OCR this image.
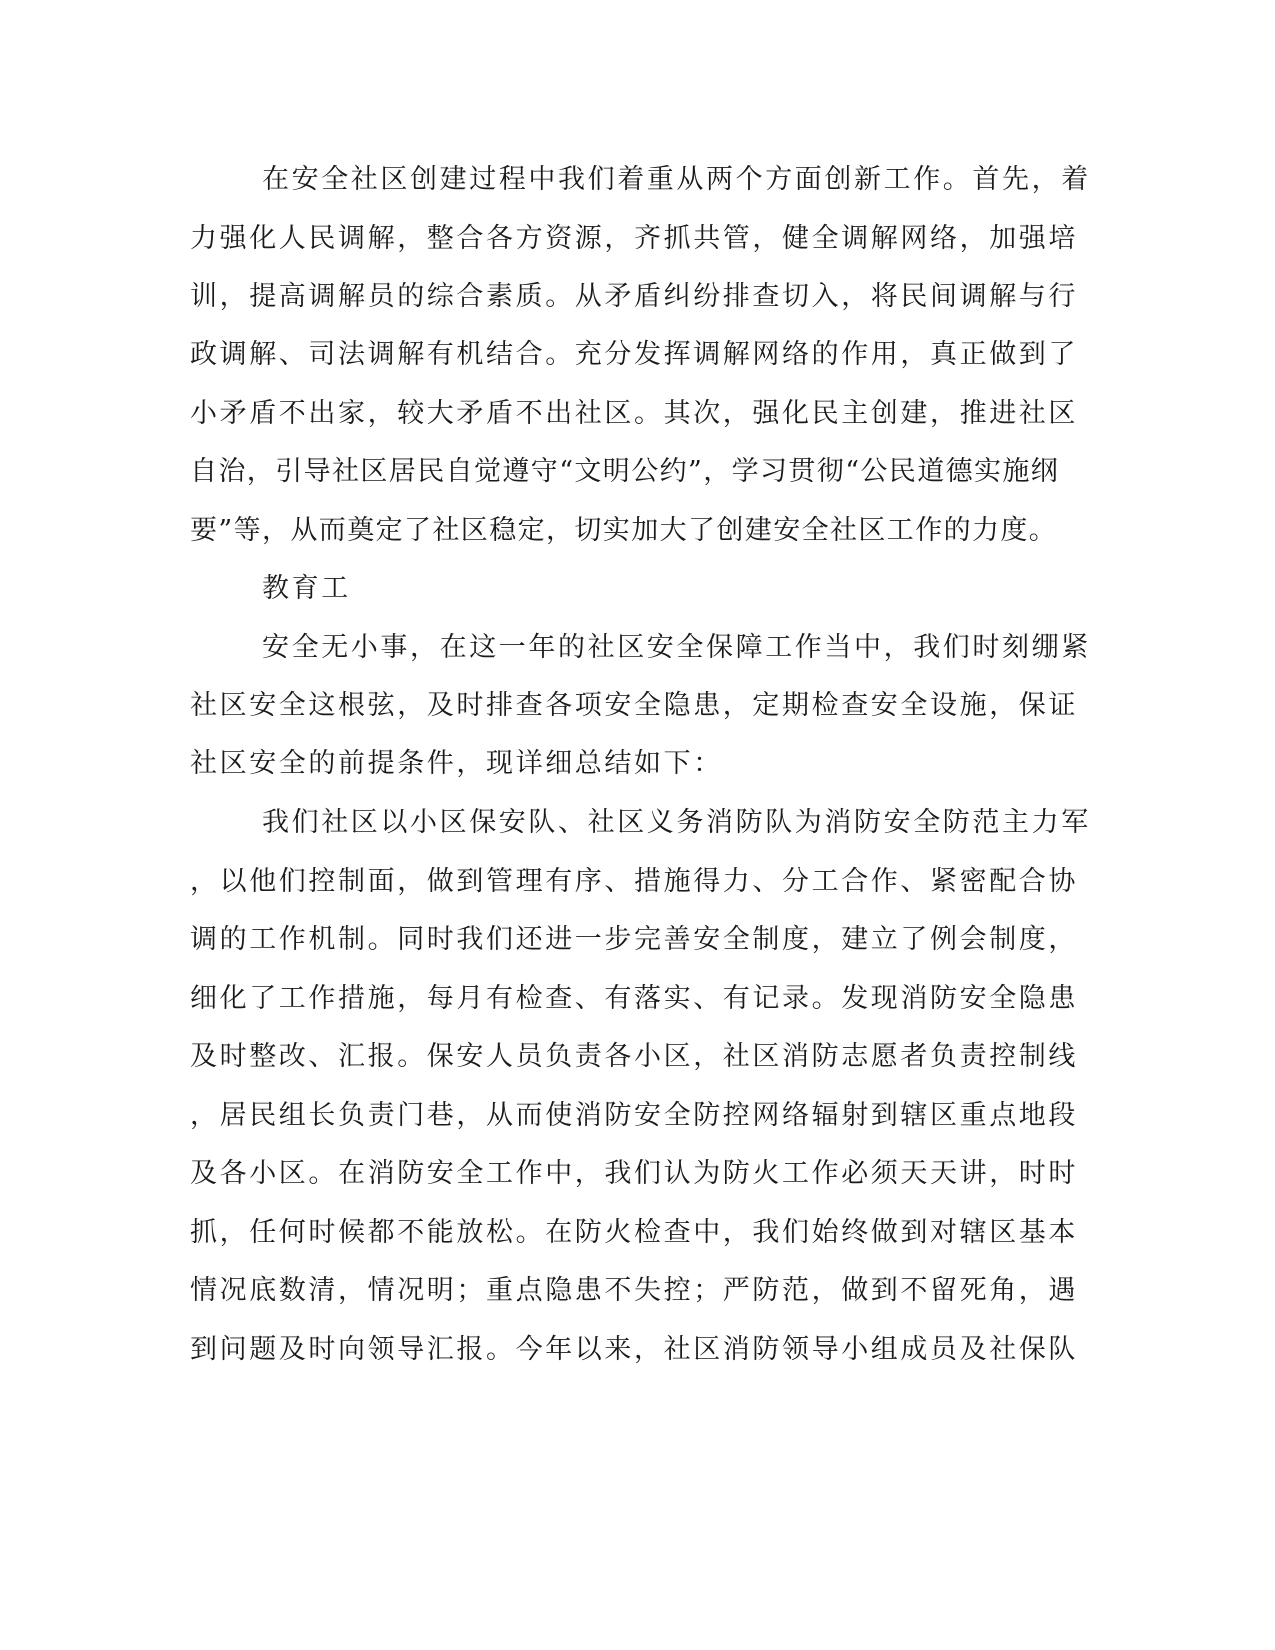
在安全社区创建过程中我们着重从两个方面创新工作。首先，着
力强化人民调解，整合各方资源，齐抓共管，健全调解网络，加强培
训，提高调解员的综合素质。从矛盾纠纷排查切入，将民间调解与行
政调解、司法调解有机结合。充分发挥调解网络的作用，真正做到了
小矛盾不出家，较大矛盾不出社区。其次，强化民主创建，推进社区
自治，引导社区居民自觉遵守“文明公约”，学习贯彻“公民道德实施纲
要”等，从而奠定了社区稳定，切实加大了创建安全社区工作的力度。
教育工
安全无小事，在这一年的社区安全保障工作当中，我们时刻绷紧
社区安全这根弦，及时排查各项安全隐患，定期检查安全设施，保证
社区安全的前提条件，现详细总结如下：
我们社区以小区保安队、社区义务消防队为消防安全防范主力军
，以他们控制面，做到管理有序、措施得力、分工合作、紧密配合协
调的工作机制。同时我们还进一步完善安全制度，建立了例会制度，
细化了工作措施，每月有检查、有落实、有记录。发现消防安全隐患
及时整改、汇报。保安人员负责各小区，社区消防志愿者负责控制线
，居民组长负责门巷，从而使消防安全防控网络辐射到辖区重点地段
及各小区。在消防安全工作中，我们认为防火工作必须天天讲，时时
抓，任何时候都不能放松。在防火检查中，我们始终做到对辖区基本
情况底数清，情况明；重点隐患不失控；严防范，做到不留死角，遇
到问题及时向领导汇报。今年以来，社区消防领导小组成员及社保队
